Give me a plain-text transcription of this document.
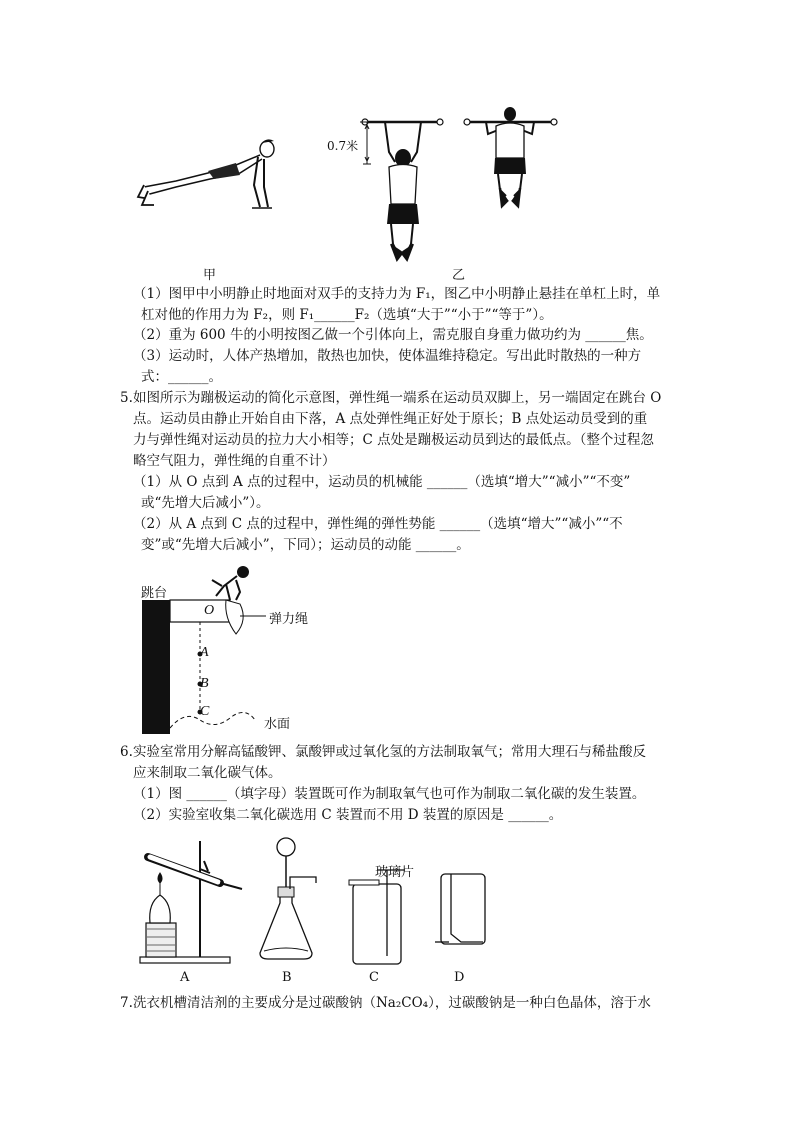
0.7米
甲	乙
（1）图甲中小明静止时地面对双手的支持力为 F₁，图乙中小明静止悬挂在单杠上时，单
杠对他的作用力为 F₂，则 F₁______F₂（选填“大于”“小于”“等于”）。
（2）重为 600 牛的小明按图乙做一个引体向上，需克服自身重力做功约为 ______焦。
（3）运动时，人体产热增加，散热也加快，使体温维持稳定。写出此时散热的一种方
式：______。
5. 如图所示为蹦极运动的简化示意图，弹性绳一端系在运动员双脚上，另一端固定在跳台 O
点。运动员由静止开始自由下落，A 点处弹性绳正好处于原长；B 点处运动员受到的重
力与弹性绳对运动员的拉力大小相等；C 点处是蹦极运动员到达的最低点。（整个过程忽
略空气阻力，弹性绳的自重不计）
（1）从 O 点到 A 点的过程中，运动员的机械能 ______（选填“增大”“减小”“不变”
或“先增大后减小”）。
（2）从 A 点到 C 点的过程中，弹性绳的弹性势能 ______（选填“增大”“减小”“不
变”或“先增大后减小”，下同）；运动员的动能 ______。
跳台
O
弹力绳
A
B
C
水面
6. 实验室常用分解高锰酸钾、氯酸钾或过氧化氢的方法制取氧气；常用大理石与稀盐酸反
应来制取二氧化碳气体。
（1）图 ______（填字母）装置既可作为制取氧气也可作为制取二氧化碳的发生装置。
（2）实验室收集二氧化碳选用 C 装置而不用 D 装置的原因是 ______。
玻璃片
A	B	C	D
7. 洗衣机槽清洁剂的主要成分是过碳酸钠（Na₂CO₄），过碳酸钠是一种白色晶体，溶于水
